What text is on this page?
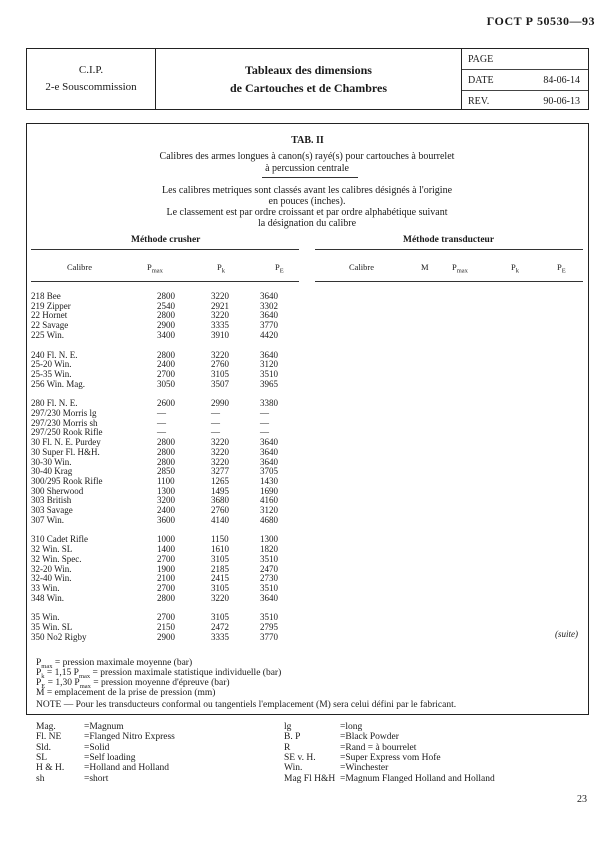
ГОСТ Р 50530—93
C.I.P.
2-e Souscommission
Tableaux des dimensions
de Cartouches et de Chambres
PAGE
DATE	84-06-14
REV.	90-06-13
TAB. II
Calibres des armes longues à canon(s) rayé(s) pour cartouches à bourrelet
à percussion centrale
Les calibres metriques sont classés avant les calibres désignés à l'origine
en pouces (inches).
Le classement est par ordre croissant et par ordre alphabétique suivant
la désignation du calibre
Méthode crusher	Méthode transducteur
Calibre	$P_{max}$	$P_k$	$P_E$	Calibre	M	$P_{max}$	$P_k$	$P_E$
218 Bee	2800	3220	3640
219 Zipper	2540	2921	3302
22 Hornet	2800	3220	3640
22 Savage	2900	3335	3770
225 Win.	3400	3910	4420
240 Fl. N. E.	2800	3220	3640
25-20 Win.	2400	2760	3120
25-35 Win.	2700	3105	3510
256 Win. Mag.	3050	3507	3965
280 Fl. N. E.	2600	2990	3380
297/230 Morris lg	—	—	—
297/230 Morris sh	—	—	—
297/250 Rook Rifle	—	—	—
30 Fl. N. E. Purdey	2800	3220	3640
30 Super Fl. H&H.	2800	3220	3640
30-30 Win.	2800	3220	3640
30-40 Krag	2850	3277	3705
300/295 Rook Rifle	1100	1265	1430
300 Sherwood	1300	1495	1690
303 British	3200	3680	4160
303 Savage	2400	2760	3120
307 Win.	3600	4140	4680
310 Cadet Rifle	1000	1150	1300
32 Win. SL	1400	1610	1820
32 Win. Spec.	2700	3105	3510
32-20 Win.	1900	2185	2470
32-40 Win.	2100	2415	2730
33 Win.	2700	3105	3510
348 Win.	2800	3220	3640
35 Win.	2700	3105	3510
35 Win. SL	2150	2472	2795
350 No2 Rigby	2900	3335	3770	(suite)
$P_{max}$ = pression maximale moyenne (bar)
$P_k = 1,15$ $P_{max}$ = pression maximale statistique individuelle (bar)
$P_E = 1,30$ $P_{max}$ = pression moyenne d'épreuve (bar)
M = emplacement de la prise de pression (mm)
NOTE — Pour les transducteurs conformal ou tangentiels l'emplacement (M) sera celui défini par le fabricant.
Mag.	=Magnum
Fl. NE =Flanged Nitro Express
Sld.	=Solid
SL	=Self loading
H & H. =Holland and Holland
sh	=short
lg	=long
B. P	=Black Powder
R	=Rand = à bourrelet
SE v. H.	=Super Express vom Hofe
Win.	=Winchester
Mag Fl H&H =Magnum Flanged Holland and Holland
23
